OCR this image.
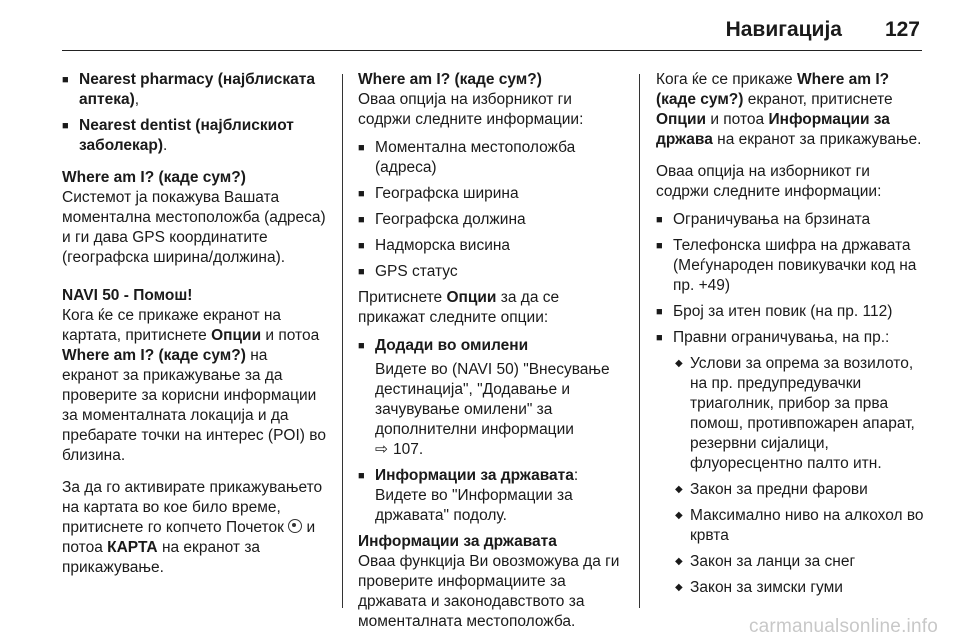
Навигација 127
■ Nearest pharmacy (најблиската аптека),
■ Nearest dentist (најблискиот заболекар).

Where am I? (каде сум?)

Системот ја покажува Вашата моментална местоположба (адреса) и ги дава GPS координатите (географска ширина/должина).

NAVI 50 - Помош!

Кога ќе се прикаже екранот на картата, притиснете Опции и потоа Where am I? (каде сум?) на екранот за прикажување за да проверите за корисни информации за моменталната локација и да пребарате точки на интерес (POI) во близина.

За да го активирате прикажувањето на картата во кое било време, притиснете го копчето Почеток  и потоа КАРТА на екранот за прикажување.

Where am I? (каде сум?)

Оваа опција на изборникот ги содржи следните информации:

■ Моментална местоположба (адреса)
■ Географска ширина
■ Географска должина
■ Надморска висина
■ GPS статус

Притиснете Опции за да се прикажат следните опции:

■ Додади во омилени
Видете во (NAVI 50) "Внесување дестинација", "Додавање и зачувување омилени" за дополнителни информации
⇨ 107.
■ Информации за државата: Видете во "Информации за државата" подолу.

Информации за државата

Оваа функција Ви овозможува да ги проверите информациите за државата и законодавството за моменталната местоположба.

Кога ќе се прикаже Where am I? (каде сум?) екранот, притиснете Опции и потоа Информации за држава на екранот за прикажување.

Оваа опција на изборникот ги содржи следните информации:

■ Ограничувања на брзината
■ Телефонска шифра на државата (Меѓународен повикувачки код на пр. +49)
■ Број за итен повик (на пр. 112)
■ Правни ограничувања, на пр.:
◆ Услови за опрема за возилото, на пр. предупредувачки триаголник, прибор за прва помош, противпожарен апарат, резервни сијалици, флуоресцентно палто итн.
◆ Закон за предни фарови
◆ Максимално ниво на алкохол во крвта
◆ Закон за ланци за снег
◆ Закон за зимски гуми
carmanualsonline.info
